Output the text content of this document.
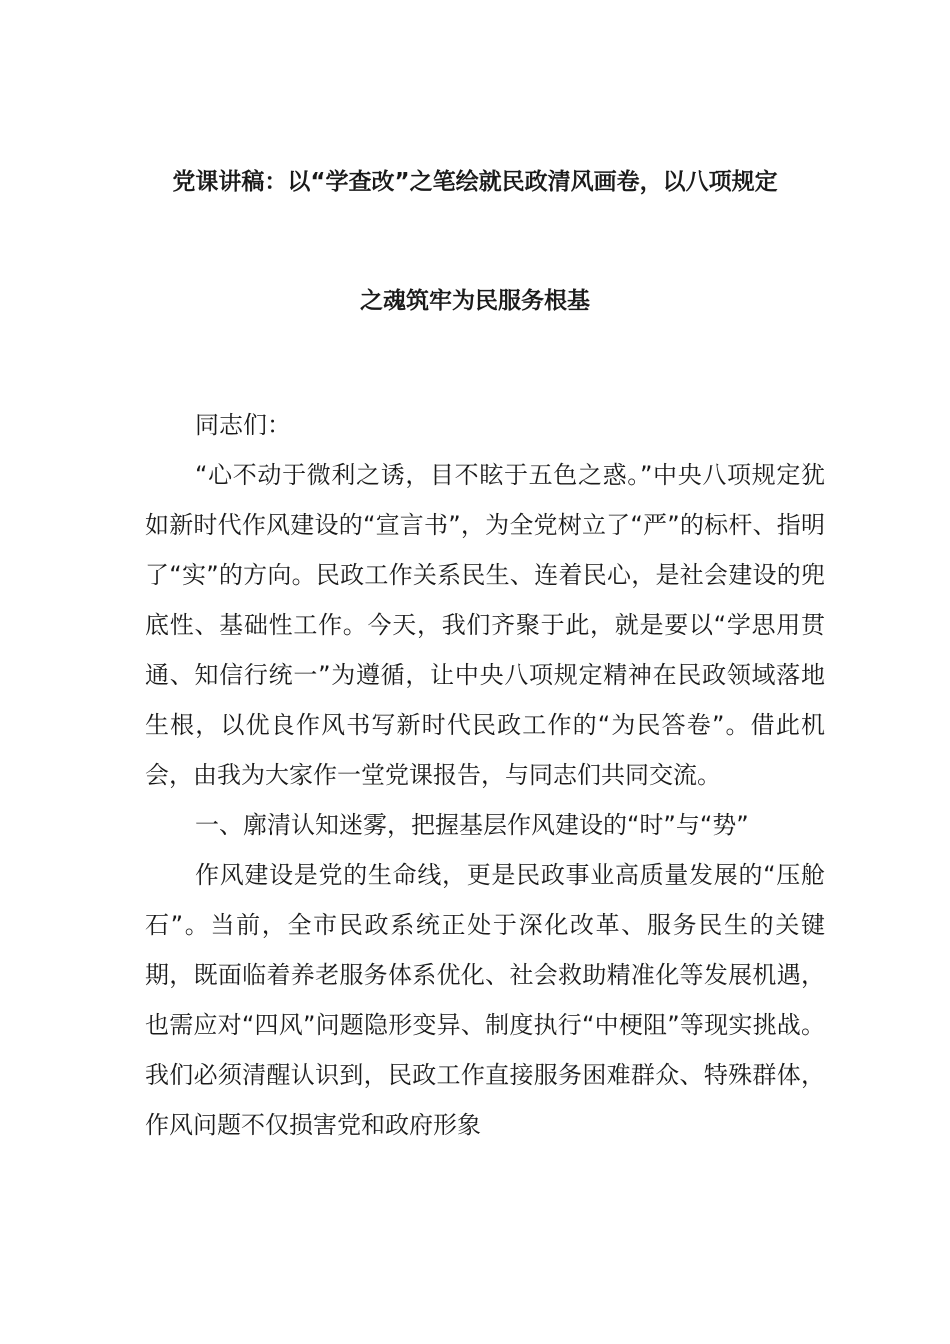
党课讲稿：以“学查改”之笔绘就民政清风画卷，以八项规定
之魂筑牢为民服务根基

同志们：

“心不动于微利之诱，目不眩于五色之惑。”中央八项规定犹如新时代作风建设的“宣言书”，为全党树立了“严”的标杆、指明了“实”的方向。民政工作关系民生、连着民心，是社会建设的兜底性、基础性工作。今天，我们齐聚于此，就是要以“学思用贯通、知信行统一”为遵循，让中央八项规定精神在民政领域落地生根，以优良作风书写新时代民政工作的“为民答卷”。借此机会，由我为大家作一堂党课报告，与同志们共同交流。

一、廓清认知迷雾，把握基层作风建设的“时”与“势”

作风建设是党的生命线，更是民政事业高质量发展的“压舱石”。当前，全市民政系统正处于深化改革、服务民生的关键期，既面临着养老服务体系优化、社会救助精准化等发展机遇，也需应对“四风”问题隐形变异、制度执行“中梗阻”等现实挑战。我们必须清醒认识到，民政工作直接服务困难群众、特殊群体，作风问题不仅损害党和政府形象
